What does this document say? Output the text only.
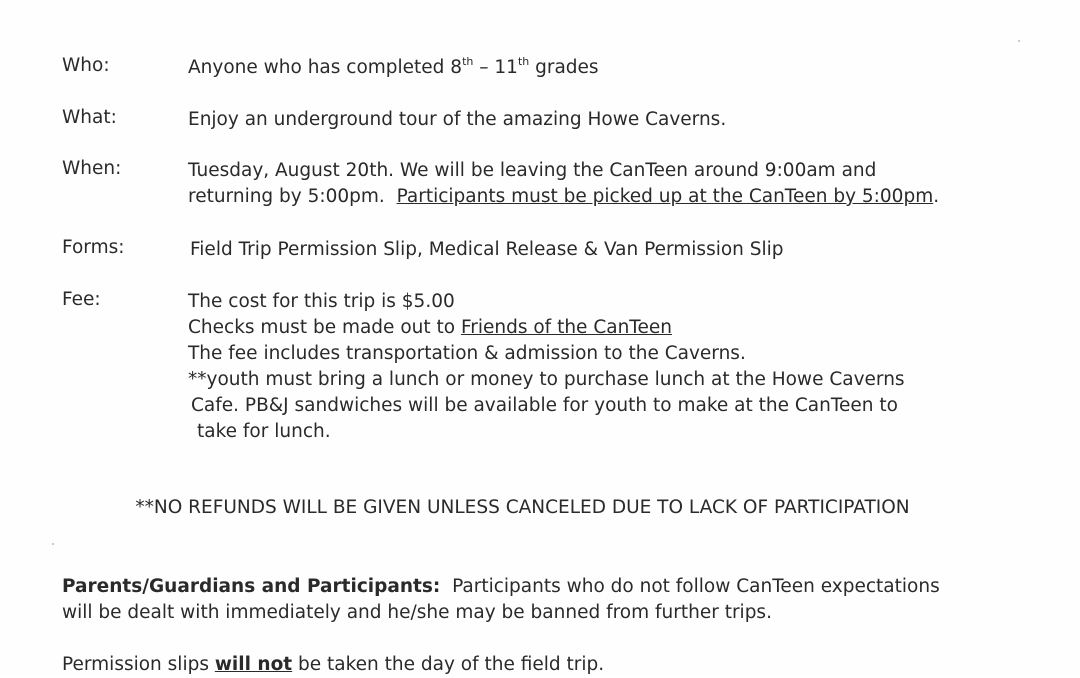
Who:	Anyone who has completed 8th – 11th grades
What:	Enjoy an underground tour of the amazing Howe Caverns.
When:	Tuesday, August 20th. We will be leaving the CanTeen around 9:00am and
returning by 5:00pm.  Participants must be picked up at the CanTeen by 5:00pm.
Forms:	Field Trip Permission Slip, Medical Release & Van Permission Slip
Fee:	The cost for this trip is $5.00
Checks must be made out to Friends of the CanTeen
The fee includes transportation & admission to the Caverns.
**youth must bring a lunch or money to purchase lunch at the Howe Caverns
Cafe. PB&J sandwiches will be available for youth to make at the CanTeen to
take for lunch.
**NO REFUNDS WILL BE GIVEN UNLESS CANCELED DUE TO LACK OF PARTICIPATION
Parents/Guardians and Participants:  Participants who do not follow CanTeen expectations
will be dealt with immediately and he/she may be banned from further trips.
Permission slips will not be taken the day of the field trip.
